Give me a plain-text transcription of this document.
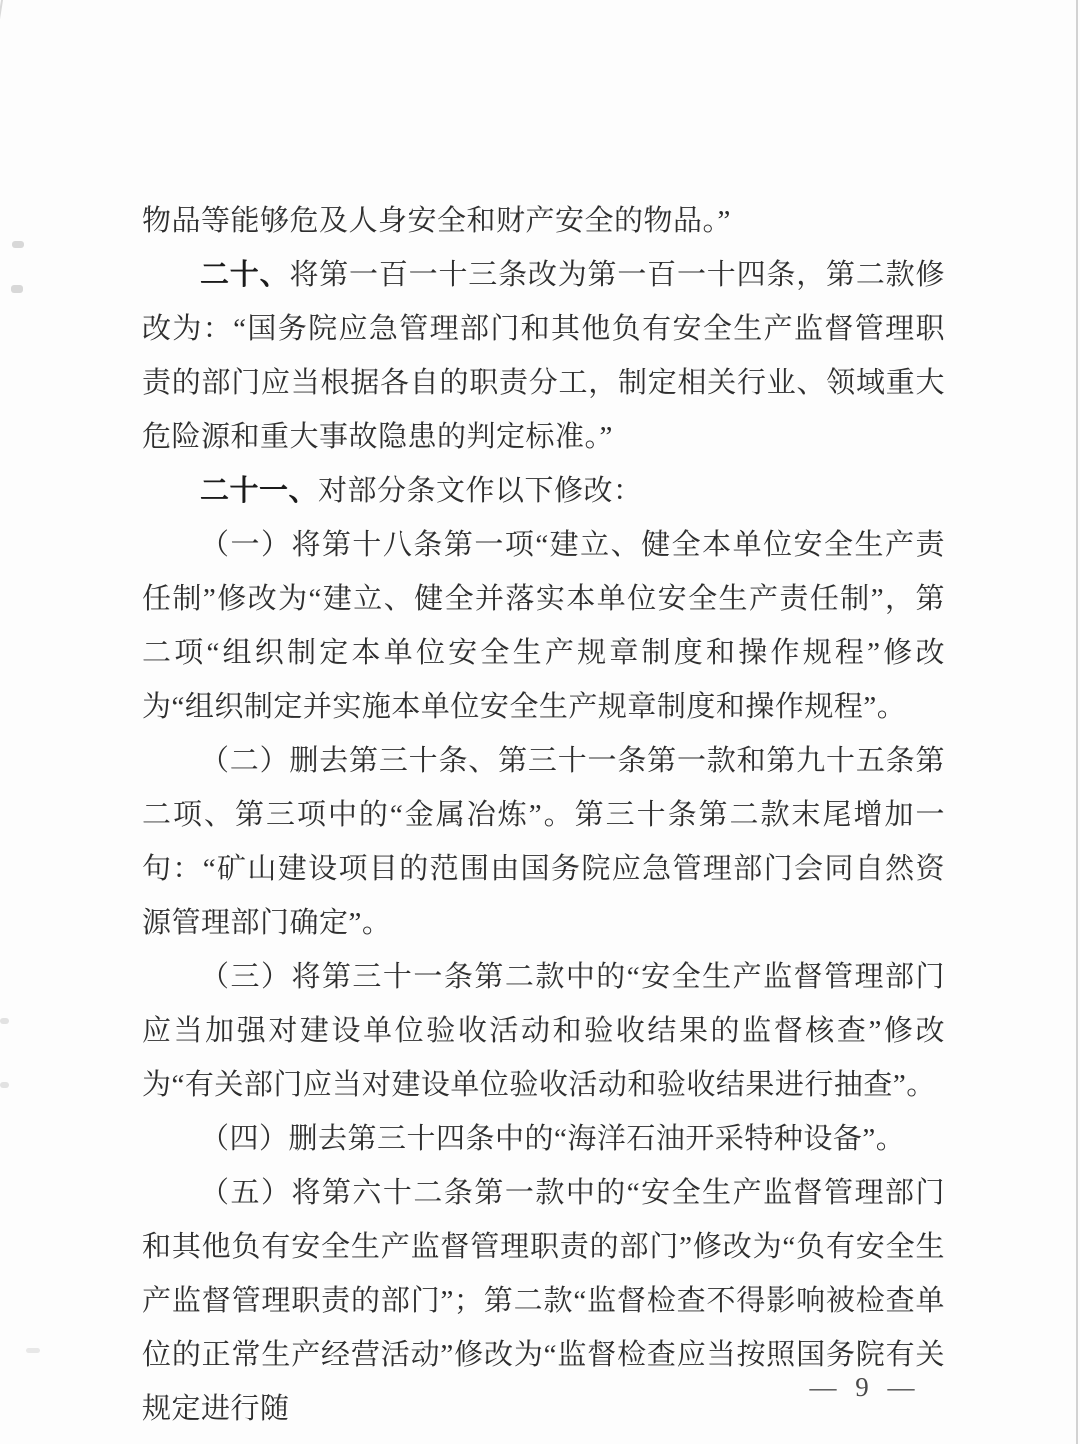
物品等能够危及人身安全和财产安全的物品。”

二十、将第一百一十三条改为第一百一十四条，第二款修改为：“国务院应急管理部门和其他负有安全生产监督管理职责的部门应当根据各自的职责分工，制定相关行业、领域重大危险源和重大事故隐患的判定标准。”

二十一、对部分条文作以下修改：

（一）将第十八条第一项“建立、健全本单位安全生产责任制”修改为“建立、健全并落实本单位安全生产责任制”，第二项“组织制定本单位安全生产规章制度和操作规程”修改为“组织制定并实施本单位安全生产规章制度和操作规程”。

（二）删去第三十条、第三十一条第一款和第九十五条第二项、第三项中的“金属冶炼”。第三十条第二款末尾增加一句：“矿山建设项目的范围由国务院应急管理部门会同自然资源管理部门确定”。

（三）将第三十一条第二款中的“安全生产监督管理部门应当加强对建设单位验收活动和验收结果的监督核查”修改为“有关部门应当对建设单位验收活动和验收结果进行抽查”。

（四）删去第三十四条中的“海洋石油开采特种设备”。

（五）将第六十二条第一款中的“安全生产监督管理部门和其他负有安全生产监督管理职责的部门”修改为“负有安全生产监督管理职责的部门”；第二款“监督检查不得影响被检查单位的正常生产经营活动”修改为“监督检查应当按照国务院有关规定进行随

— 9 —
